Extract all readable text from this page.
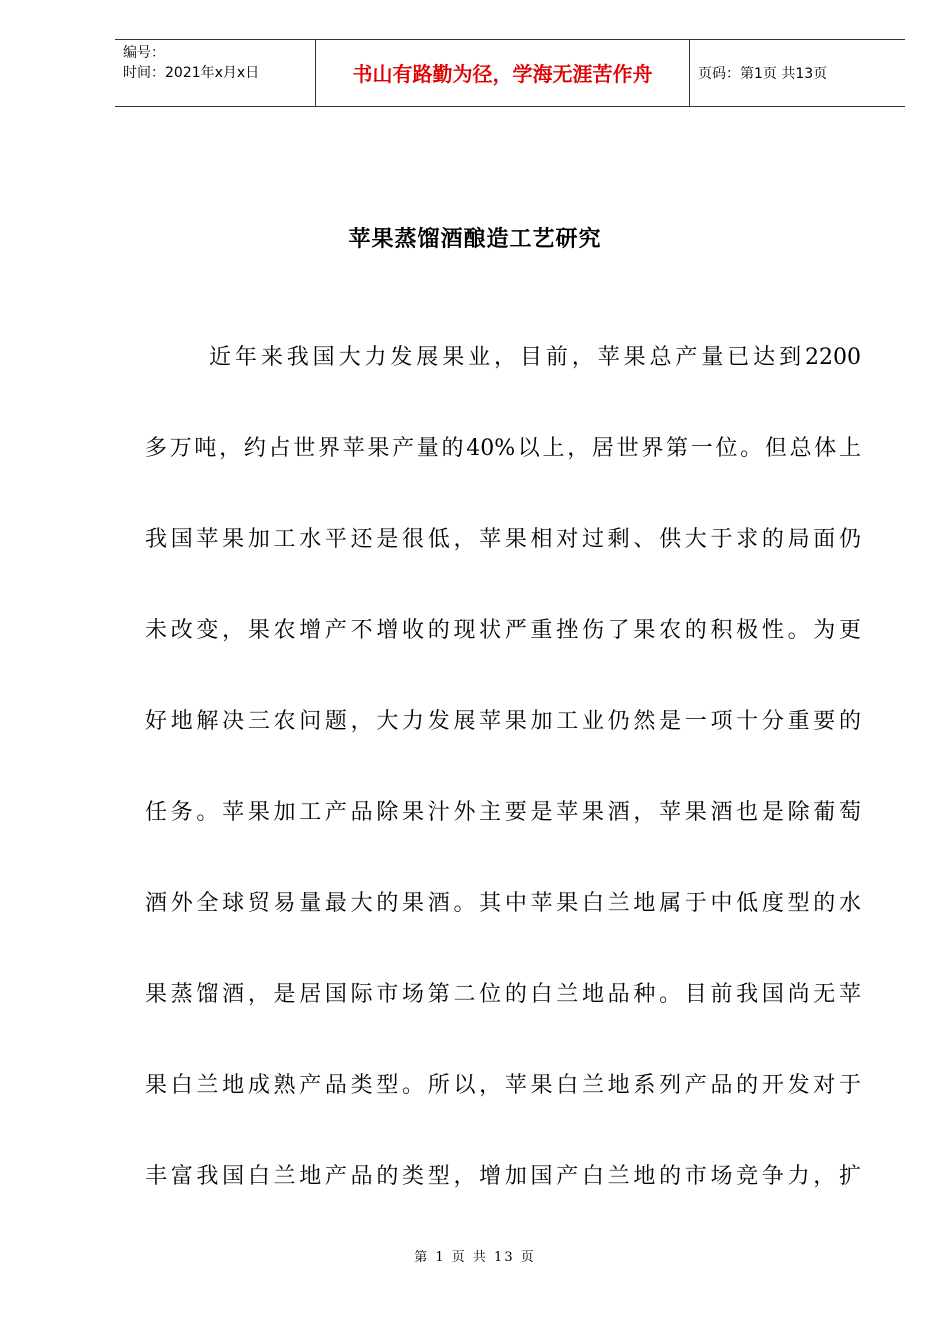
编号：
时间：2021年x月x日	书山有路勤为径，学海无涯苦作舟	页码：第1页 共13页
苹果蒸馏酒酿造工艺研究
近年来我国大力发展果业，目前，苹果总产量已达到2200
多万吨，约占世界苹果产量的40%以上，居世界第一位。但总体上
我国苹果加工水平还是很低，苹果相对过剩、供大于求的局面仍
未改变，果农增产不增收的现状严重挫伤了果农的积极性。为更
好地解决三农问题，大力发展苹果加工业仍然是一项十分重要的
任务。苹果加工产品除果汁外主要是苹果酒，苹果酒也是除葡萄
酒外全球贸易量最大的果酒。其中苹果白兰地属于中低度型的水
果蒸馏酒，是居国际市场第二位的白兰地品种。目前我国尚无苹
果白兰地成熟产品类型。所以，苹果白兰地系列产品的开发对于
丰富我国白兰地产品的类型，增加国产白兰地的市场竞争力，扩
第 1 页 共 13 页
